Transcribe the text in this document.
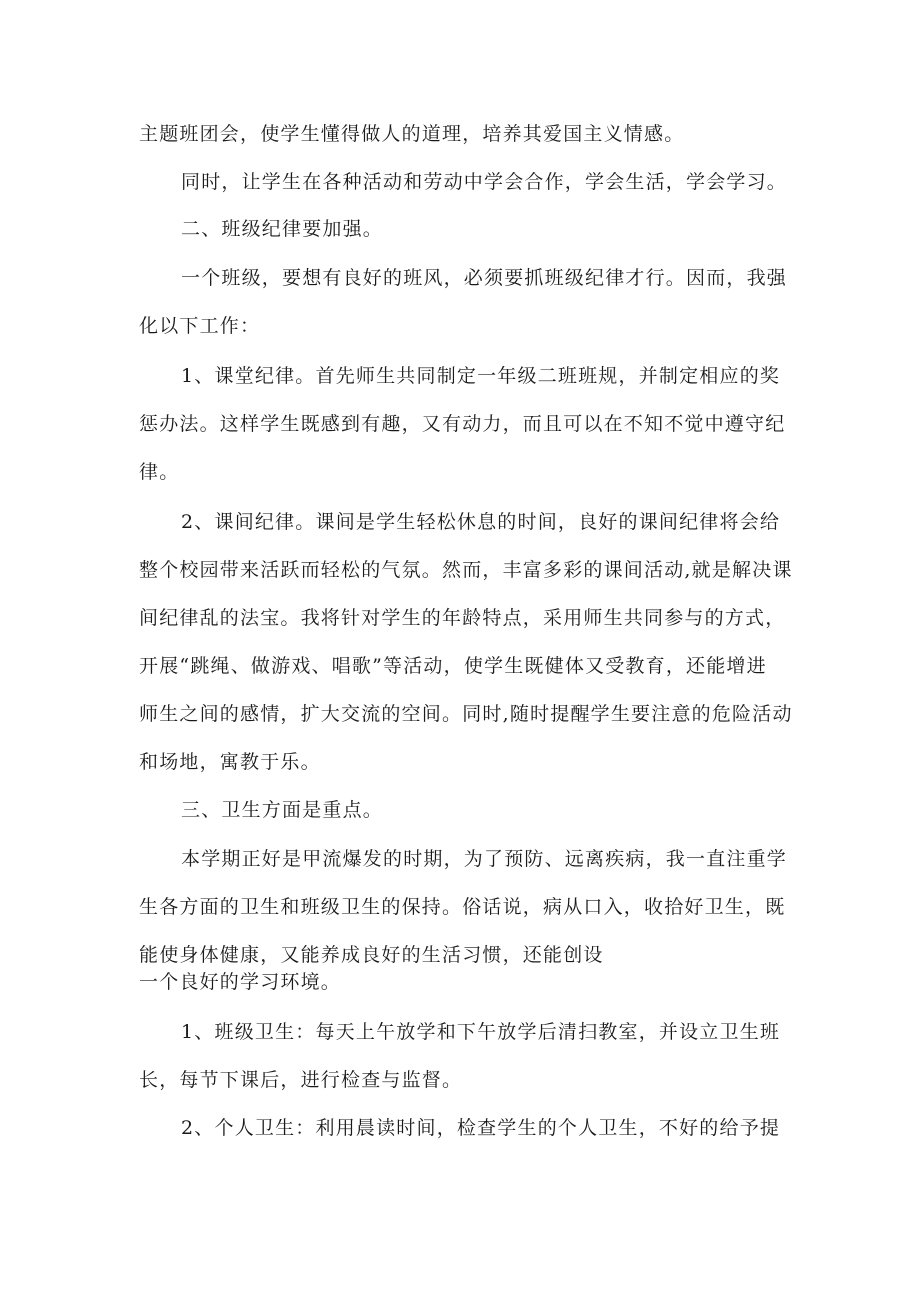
主题班团会，使学生懂得做人的道理，培养其爱国主义情感。
同时，让学生在各种活动和劳动中学会合作，学会生活，学会学习。
二、班级纪律要加强。
一个班级，要想有良好的班风，必须要抓班级纪律才行。因而，我强
化以下工作：
1、课堂纪律。首先师生共同制定一年级二班班规，并制定相应的奖
惩办法。这样学生既感到有趣，又有动力，而且可以在不知不觉中遵守纪
律。
2、课间纪律。课间是学生轻松休息的时间，良好的课间纪律将会给
整个校园带来活跃而轻松的气氛。然而，丰富多彩的课间活动,就是解决课
间纪律乱的法宝。我将针对学生的年龄特点，采用师生共同参与的方式，
开展“跳绳、做游戏、唱歌”等活动，使学生既健体又受教育，还能增进
师生之间的感情，扩大交流的空间。同时,随时提醒学生要注意的危险活动
和场地，寓教于乐。
三、卫生方面是重点。
本学期正好是甲流爆发的时期，为了预防、远离疾病，我一直注重学
生各方面的卫生和班级卫生的保持。俗话说，病从口入，收拾好卫生，既
能使身体健康，又能养成良好的生活习惯，还能创设
一个良好的学习环境。
1、班级卫生：每天上午放学和下午放学后清扫教室，并设立卫生班
长，每节下课后，进行检查与监督。
2、个人卫生：利用晨读时间，检查学生的个人卫生，不好的给予提
